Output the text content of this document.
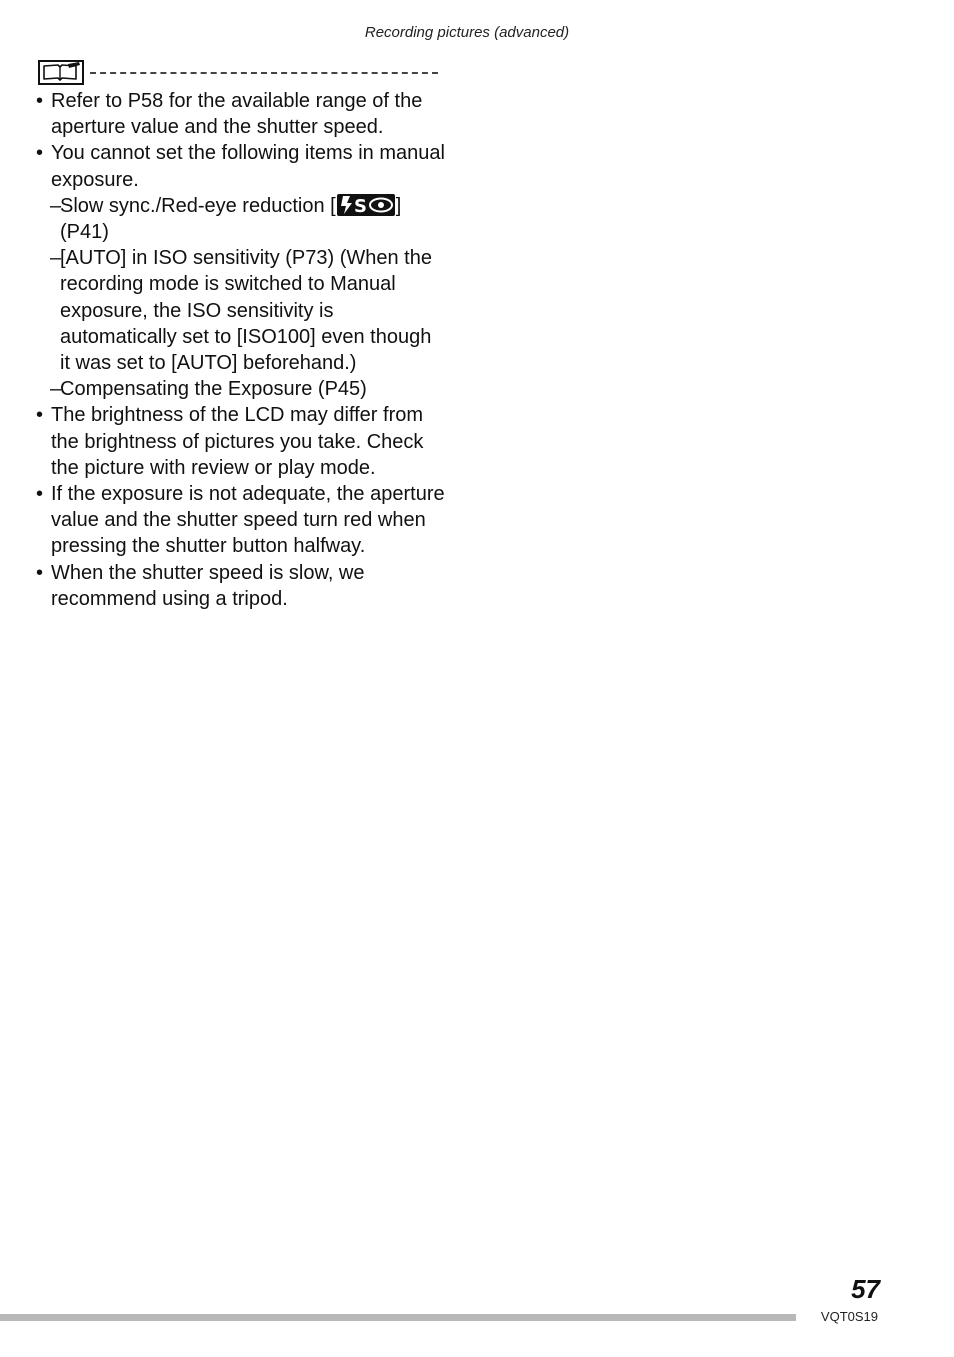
Recording pictures (advanced)
• Refer to P58 for the available range of the aperture value and the shutter speed.
• You cannot set the following items in manual exposure.
– Slow sync./Red-eye reduction [ S ] (P41)
– [AUTO] in ISO sensitivity (P73) (When the recording mode is switched to Manual exposure, the ISO sensitivity is automatically set to [ISO100] even though it was set to [AUTO] beforehand.)
– Compensating the Exposure (P45)
• The brightness of the LCD may differ from the brightness of pictures you take. Check the picture with review or play mode.
• If the exposure is not adequate, the aperture value and the shutter speed turn red when pressing the shutter button halfway.
• When the shutter speed is slow, we recommend using a tripod.
57
VQT0S19
